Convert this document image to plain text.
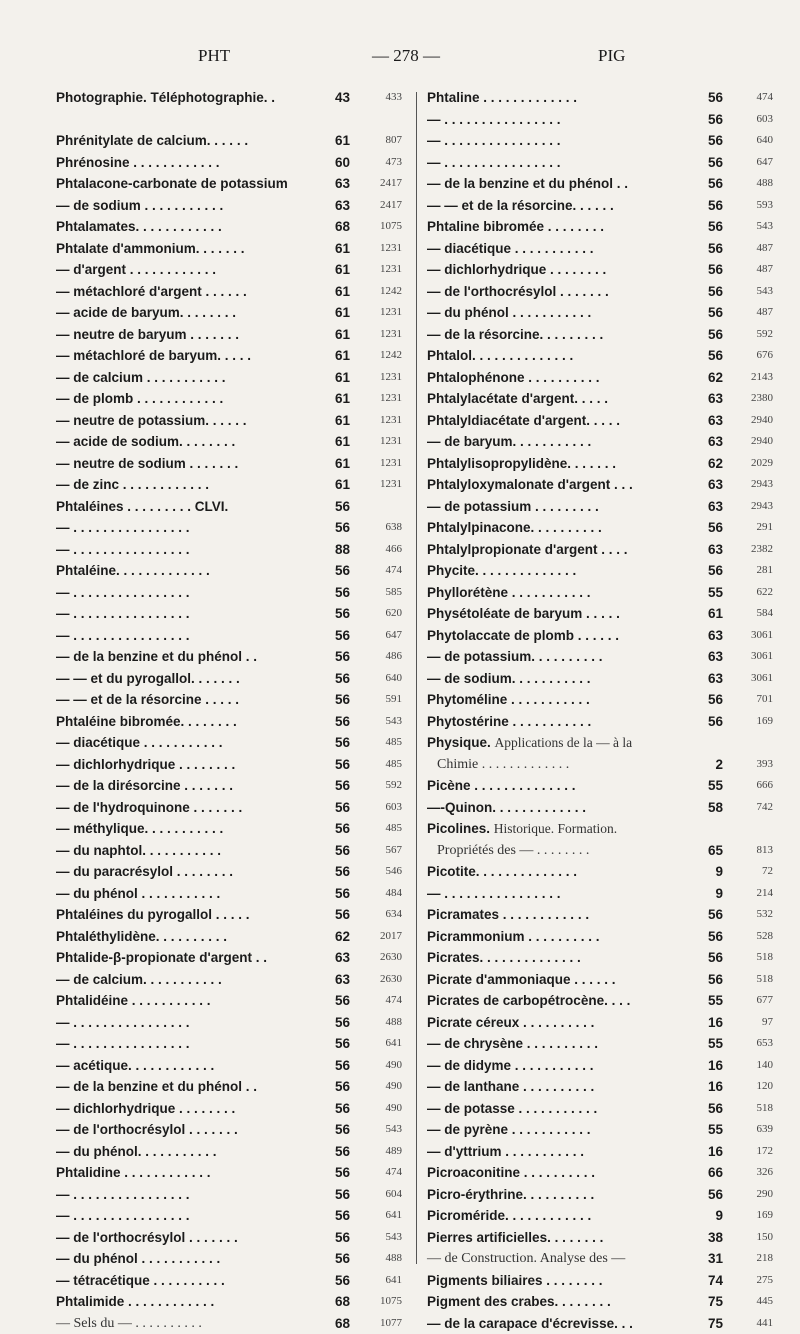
PHT	— 278 —	PIG
Photographie. Téléphotographie. .	43	433
Phrénitylate de calcium. . . . . .	61	807
Phrénosine . . . . . . . . . . . .	60	473
Phtalacone-carbonate de potassium	63	2417
— de sodium . . . . . . . . . . .	63	2417
Phtalamates. . . . . . . . . . . .	68	1075
Phtalate d'ammonium. . . . . . .	61	1231
— d'argent . . . . . . . . . . . .	61	1231
— métachloré d'argent . . . . . .	61	1242
— acide de baryum. . . . . . . .	61	1231
— neutre de baryum . . . . . . .	61	1231
— métachloré de baryum. . . . .	61	1242
— de calcium . . . . . . . . . . .	61	1231
— de plomb . . . . . . . . . . . .	61	1231
— neutre de potassium. . . . . .	61	1231
— acide de sodium. . . . . . . .	61	1231
— neutre de sodium . . . . . . .	61	1231
— de zinc . . . . . . . . . . . .	61	1231
Phtaléines . . . . . . . . . CLVI.	56
— . . . . . . . . . . . . . . . .	56	638
— . . . . . . . . . . . . . . . .	88	466
Phtaléine. . . . . . . . . . . . .	56	474
— . . . . . . . . . . . . . . . .	56	585
— . . . . . . . . . . . . . . . .	56	620
— . . . . . . . . . . . . . . . .	56	647
— de la benzine et du phénol . .	56	486
— — et du pyrogallol. . . . . . .	56	640
— — et de la résorcine . . . . .	56	591
Phtaléine bibromée. . . . . . . .	56	543
— diacétique . . . . . . . . . . .	56	485
— dichlorhydrique . . . . . . . .	56	485
— de la dirésorcine . . . . . . .	56	592
— de l'hydroquinone . . . . . . .	56	603
— méthylique. . . . . . . . . . .	56	485
— du naphtol. . . . . . . . . . .	56	567
— du paracrésylol . . . . . . . .	56	546
— du phénol . . . . . . . . . . .	56	484
Phtaléines du pyrogallol . . . . .	56	634
Phtaléthylidène. . . . . . . . . .	62	2017
Phtalide-β-propionate d'argent . .	63	2630
— de calcium. . . . . . . . . . .	63	2630
Phtalidéine . . . . . . . . . . .	56	474
— . . . . . . . . . . . . . . . .	56	488
— . . . . . . . . . . . . . . . .	56	641
— acétique. . . . . . . . . . . .	56	490
— de la benzine et du phénol . .	56	490
— dichlorhydrique . . . . . . . .	56	490
— de l'orthocrésylol . . . . . . .	56	543
— du phénol. . . . . . . . . . .	56	489
Phtalidine . . . . . . . . . . . .	56	474
— . . . . . . . . . . . . . . . .	56	604
— . . . . . . . . . . . . . . . .	56	641
— de l'orthocrésylol . . . . . . .	56	543
— du phénol . . . . . . . . . . .	56	488
— tétracétique . . . . . . . . . .	56	641
Phtalimide . . . . . . . . . . . .	68	1075
— Sels du — . . . . . . . . . .	68	1077
Phtaline . . . . . . . . . . . . .	56	474
— . . . . . . . . . . . . . . . .	56	603
— . . . . . . . . . . . . . . . .	56	640
— . . . . . . . . . . . . . . . .	56	647
— de la benzine et du phénol . .	56	488
— — et de la résorcine. . . . . .	56	593
Phtaline bibromée . . . . . . . .	56	543
— diacétique . . . . . . . . . . .	56	487
— dichlorhydrique . . . . . . . .	56	487
— de l'orthocrésylol . . . . . . .	56	543
— du phénol . . . . . . . . . . .	56	487
— de la résorcine. . . . . . . . .	56	592
Phtalol. . . . . . . . . . . . . .	56	676
Phtalophénone . . . . . . . . . .	62	2143
Phtalylacétate d'argent. . . . .	63	2380
Phtalyldiacétate d'argent. . . . .	63	2940
— de baryum. . . . . . . . . . .	63	2940
Phtalylisopropylidène. . . . . . .	62	2029
Phtalyloxymalonate d'argent . . .	63	2943
— de potassium . . . . . . . . .	63	2943
Phtalylpinacone. . . . . . . . . .	56	291
Phtalylpropionate d'argent . . . .	63	2382
Phycite. . . . . . . . . . . . . .	56	281
Phyllorétène . . . . . . . . . . .	55	622
Physétoléate de baryum . . . . .	61	584
Phytolaccate de plomb . . . . . .	63	3061
— de potassium. . . . . . . . . .	63	3061
— de sodium. . . . . . . . . . .	63	3061
Phytoméline . . . . . . . . . . .	56	701
Phytostérine . . . . . . . . . . .	56	169
Physique. Applications de la — à la
Chimie . . . . . . . . . . . . .	2	393
Picène . . . . . . . . . . . . . .	55	666
—-Quinon. . . . . . . . . . . . .	58	742
Picolines. Historique. Formation.
Propriétés des — . . . . . . . .	65	813
Picotite. . . . . . . . . . . . . .	9	72
— . . . . . . . . . . . . . . . .	9	214
Picramates . . . . . . . . . . . .	56	532
Picrammonium . . . . . . . . . .	56	528
Picrates. . . . . . . . . . . . . .	56	518
Picrate d'ammoniaque . . . . . .	56	518
Picrates de carbopétrocène. . . .	55	677
Picrate céreux . . . . . . . . . .	16	97
— de chrysène . . . . . . . . . .	55	653
— de didyme . . . . . . . . . . .	16	140
— de lanthane . . . . . . . . . .	16	120
— de potasse . . . . . . . . . . .	56	518
— de pyrène . . . . . . . . . . .	55	639
— d'yttrium . . . . . . . . . . .	16	172
Picroaconitine . . . . . . . . . .	66	326
Picro-érythrine. . . . . . . . . .	56	290
Picroméride. . . . . . . . . . . .	9	169
Pierres artificielles. . . . . . . .	38	150
— de Construction. Analyse des —	31	218
Pigments biliaires . . . . . . . .	74	275
Pigment des crabes. . . . . . . .	75	445
— de la carapace d'écrevisse. . .	75	441
